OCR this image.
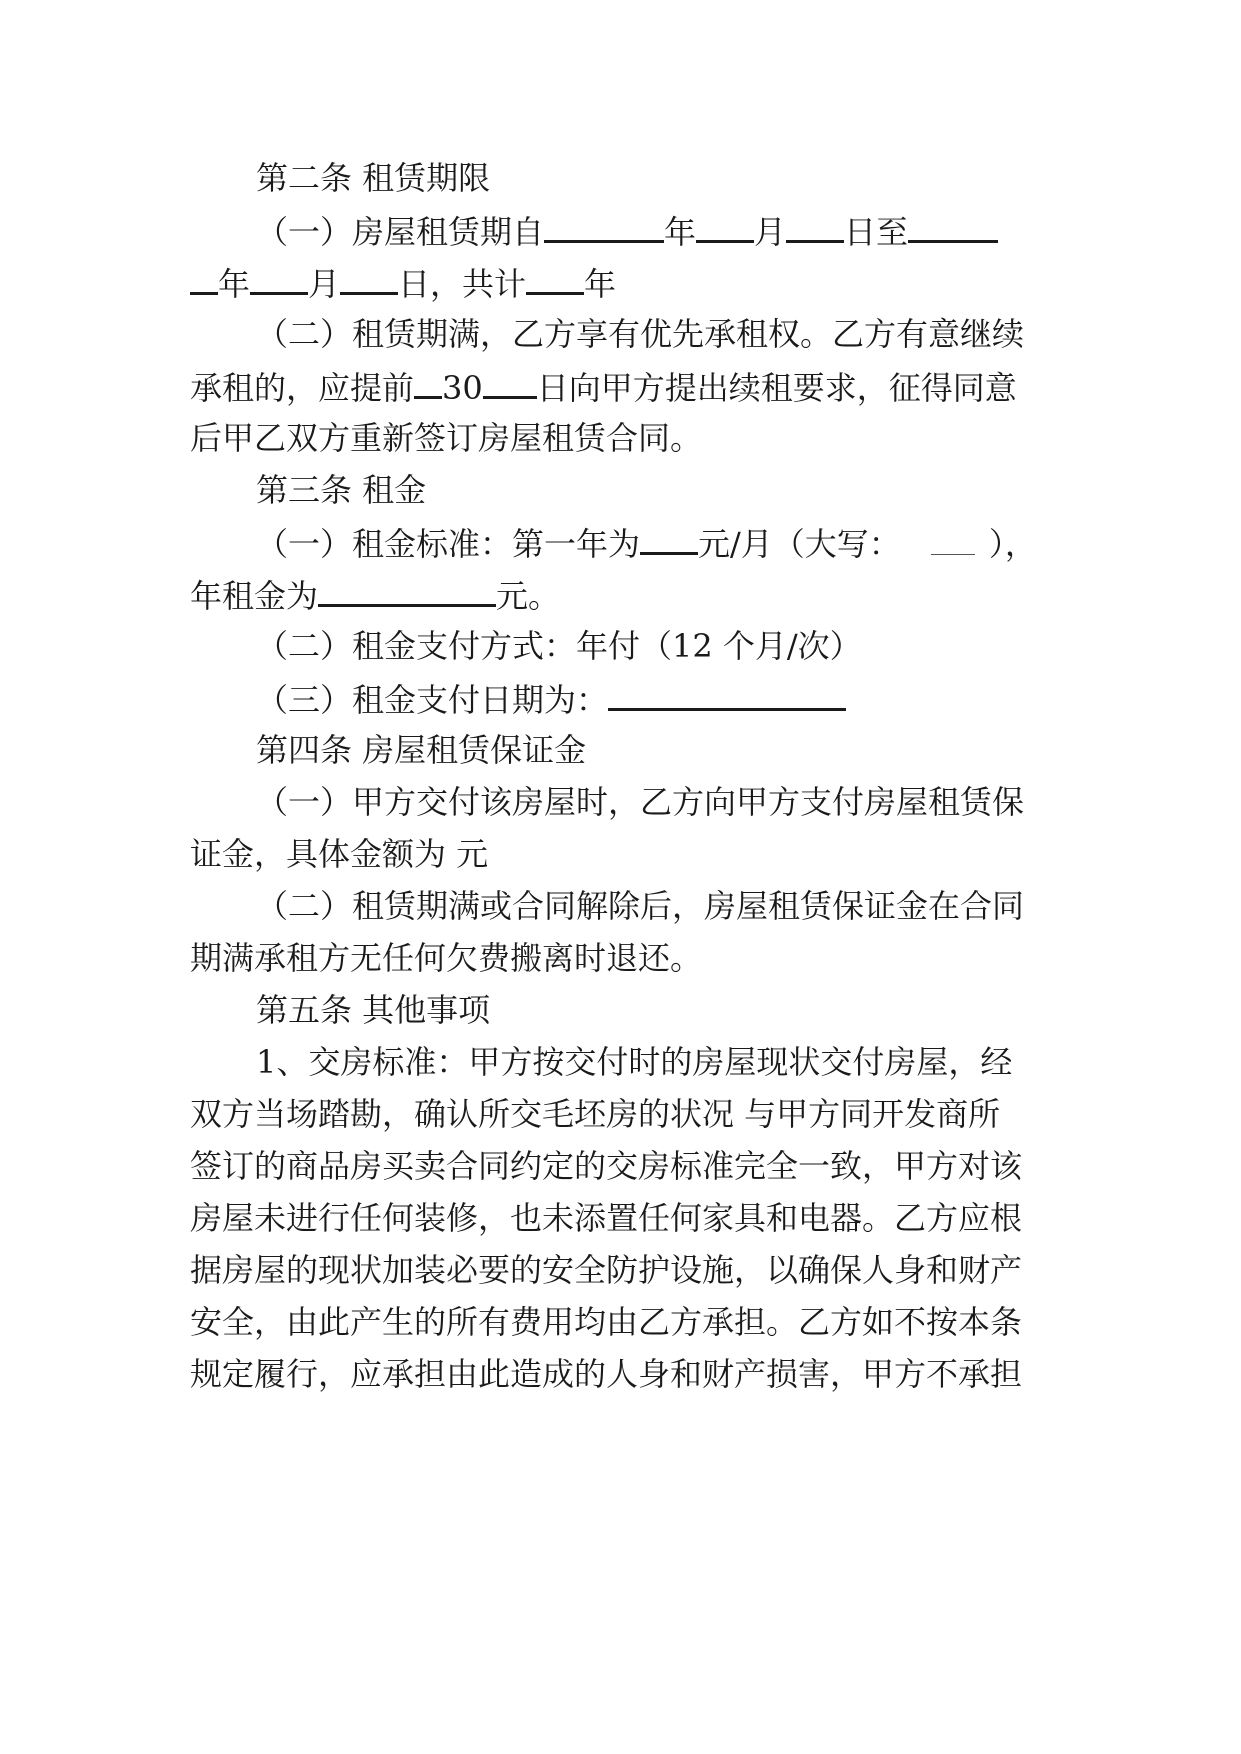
第二条 租赁期限
（一）房屋租赁期自	年 月 日至
年 月 日，共计 年
（二）租赁期满，乙方享有优先承租权。乙方有意继续
承租的，应提前 30 日向甲方提出续租要求，征得同意
后甲乙双方重新签订房屋租赁合同。
第三条 租金
（一）租金标准：第一年为 元/月（大写：	），
年租金为	元。
（二）租金支付方式：年付（12 个月/次）
（三）租金支付日期为：
第四条 房屋租赁保证金
（一）甲方交付该房屋时，乙方向甲方支付房屋租赁保
证金，具体金额为 元
（二）租赁期满或合同解除后，房屋租赁保证金在合同
期满承租方无任何欠费搬离时退还。
第五条 其他事项
1、交房标准：甲方按交付时的房屋现状交付房屋，经
双方当场踏勘，确认所交毛坯房的状况 与甲方同开发商所
签订的商品房买卖合同约定的交房标准完全一致，甲方对该
房屋未进行任何装修，也未添置任何家具和电器。乙方应根
据房屋的现状加装必要的安全防护设施，以确保人身和财产
安全，由此产生的所有费用均由乙方承担。乙方如不按本条
规定履行，应承担由此造成的人身和财产损害，甲方不承担
